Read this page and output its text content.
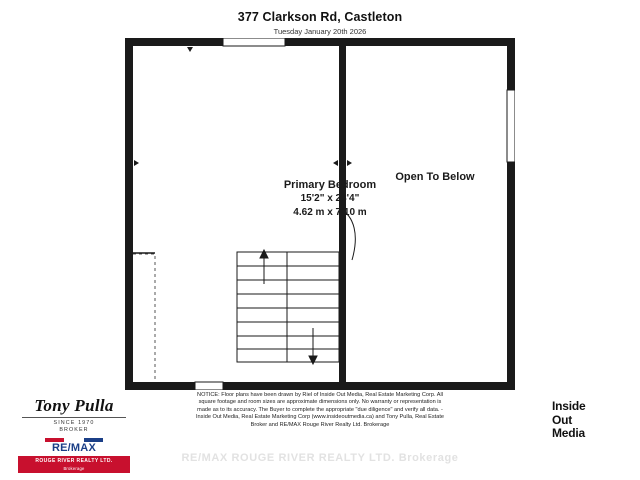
377 Clarkson Rd, Castleton
Tuesday January 20th 2026
Primary Bedroom
15'2" x 23'4"
4.62 m x 7.10 m
Open To Below
NOTICE: Floor plans have been drawn by Riel of Inside Out Media, Real Estate Marketing Corp. All square footage and room sizes are approximate dimensions only. No warranty or representation is made as to its accuracy. The Buyer to complete the appropriate "due diligence" and verify all data. - Inside Out Media, Real Estate Marketing Corp (www.insideoutmedia.ca) and Tony Pulla, Real Estate Broker and RE/MAX Rouge River Realty Ltd. Brokerage
Tony Pulla
SINCE 1970
BROKER
RE/MAX
ROUGE RIVER REALTY LTD.
Brokerage
Inside
Out
Media
RE/MAX ROUGE RIVER REALTY LTD. Brokerage
